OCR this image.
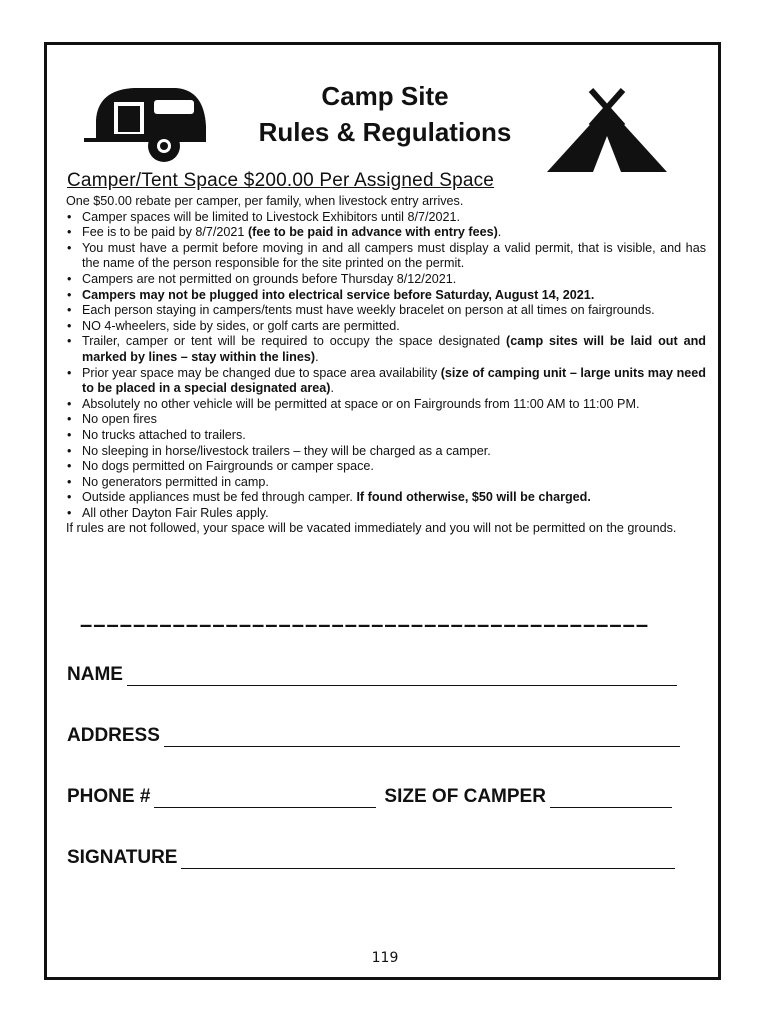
Camp Site
Rules & Regulations
Camper/Tent Space $200.00 Per Assigned Space

One $50.00 rebate per camper, per family, when livestock entry arrives.

• Camper spaces will be limited to Livestock Exhibitors until 8/7/2021.
• Fee is to be paid by 8/7/2021 (fee to be paid in advance with entry fees).
• You must have a permit before moving in and all campers must display a valid permit, that is visible, and has the name of the person responsible for the site printed on the permit.
• Campers are not permitted on grounds before Thursday 8/12/2021.
• Campers may not be plugged into electrical service before Saturday, August 14, 2021.
• Each person staying in campers/tents must have weekly bracelet on person at all times on fairgrounds.
• NO 4-wheelers, side by sides, or golf carts are permitted.
• Trailer, camper or tent will be required to occupy the space designated (camp sites will be laid out and marked by lines – stay within the lines).
• Prior year space may be changed due to space area availability (size of camping unit – large units may need to be placed in a special designated area).
• Absolutely no other vehicle will be permitted at space or on Fairgrounds from 11:00 AM to 11:00 PM.
• No open fires
• No trucks attached to trailers.
• No sleeping in horse/livestock trailers – they will be charged as a camper.
• No dogs permitted on Fairgrounds or camper space.
• No generators permitted in camp.
• Outside appliances must be fed through camper. If found otherwise, $50 will be charged.
• All other Dayton Fair Rules apply.

If rules are not followed, your space will be vacated immediately and you will not be permitted on the grounds.

–––––––––––––––––––––––––––––––––––––––––––
NAME
ADDRESS
PHONE #	SIZE OF CAMPER
SIGNATURE
119
